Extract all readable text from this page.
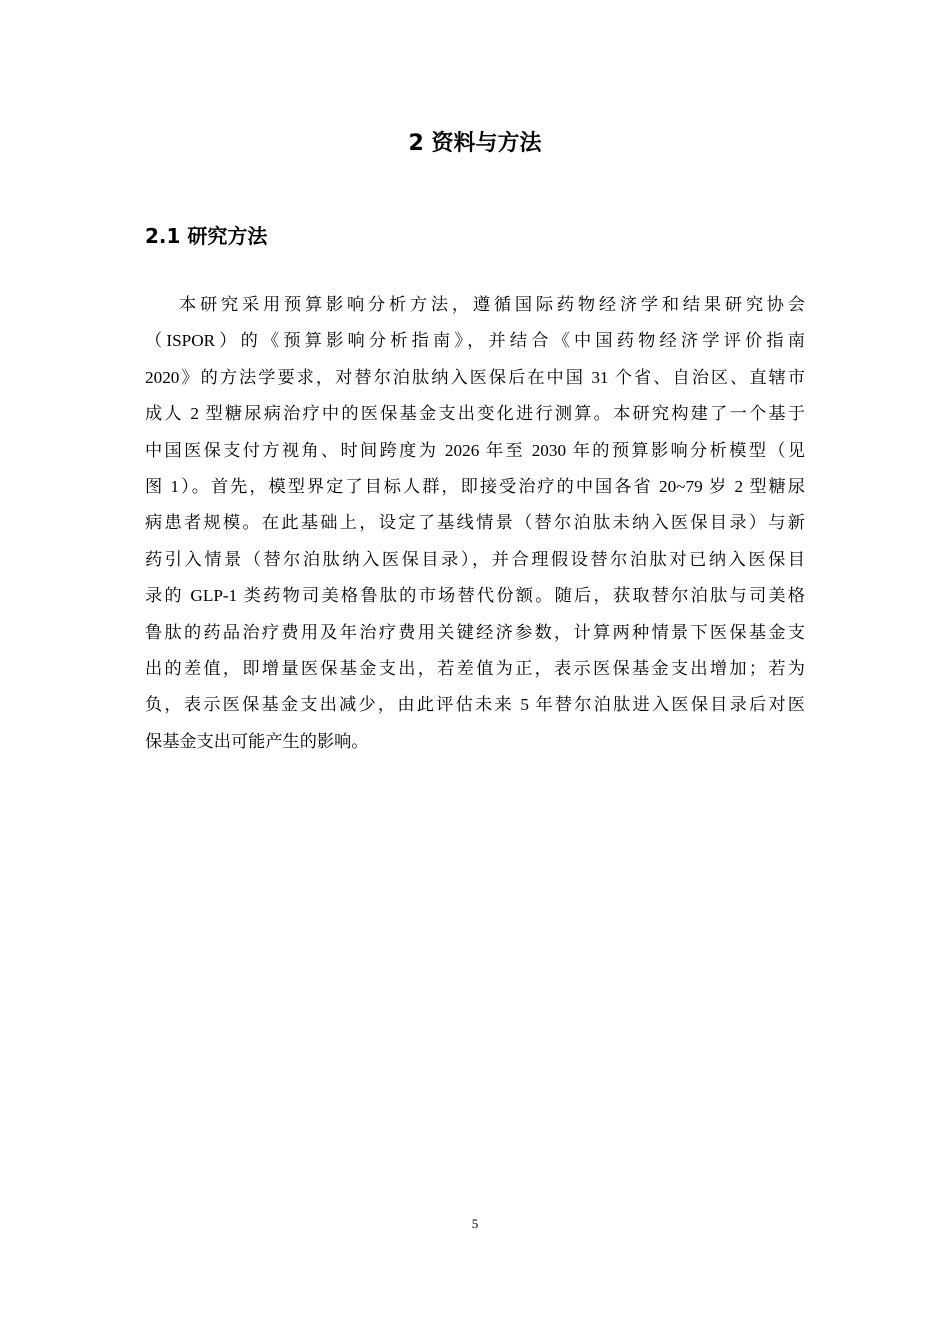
2 资料与方法
2.1 研究方法
本研究采用预算影响分析方法，遵循国际药物经济学和结果研究协会
（ISPOR）的《预算影响分析指南》，并结合《中国药物经济学评价指南
2020》的方法学要求，对替尔泊肽纳入医保后在中国 31 个省、自治区、直辖市
成人 2 型糖尿病治疗中的医保基金支出变化进行测算。本研究构建了一个基于
中国医保支付方视角、时间跨度为 2026 年至 2030 年的预算影响分析模型（见
图 1）。首先，模型界定了目标人群，即接受治疗的中国各省 20~79 岁 2 型糖尿
病患者规模。在此基础上，设定了基线情景（替尔泊肽未纳入医保目录）与新
药引入情景（替尔泊肽纳入医保目录），并合理假设替尔泊肽对已纳入医保目
录的 GLP-1 类药物司美格鲁肽的市场替代份额。随后，获取替尔泊肽与司美格
鲁肽的药品治疗费用及年治疗费用关键经济参数，计算两种情景下医保基金支
出的差值，即增量医保基金支出，若差值为正，表示医保基金支出增加；若为
负，表示医保基金支出减少，由此评估未来 5 年替尔泊肽进入医保目录后对医
保基金支出可能产生的影响。
5
